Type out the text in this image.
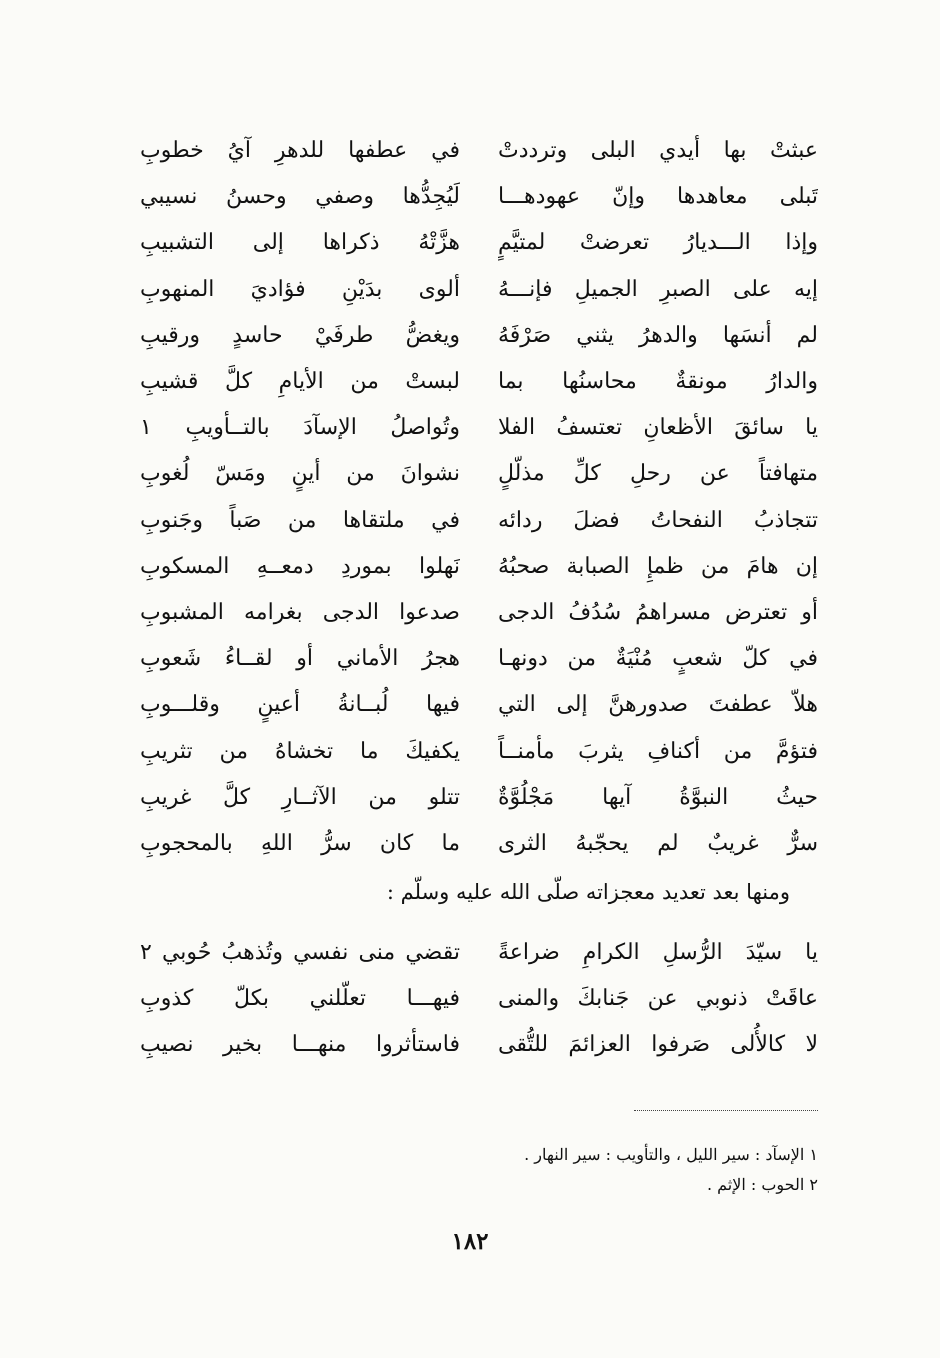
عبثتْ بها أيدي البلى وترددتْ
في عطفها للدهرِ آيُ خطوبِ
تَبلى معاهدها وإنّ عهودهـــا
لَيُجِدُّها وصفي وحسنُ نسيبي
وإذا الـــديارُ تعرضتْ لمتيَّمٍ
هزَّتْهُ ذكراها إلى التشبيبِ
إيه على الصبرِ الجميلِ فإنـــهُ
ألوى بدَيْنِ فؤاديَ المنهوبِ
لم أنسَها والدهرُ يثني صَرْفَهُ
ويغضُّ طرفَيْ حاسدٍ ورقيبِ
والدارُ مونقةٌ محاسنُها بما
لبستْ من الأيامِ كلَّ قشيبِ
يا سائقَ الأظعانِ تعتسفُ الفلا
وتُواصلُ الإسآدَ بالتــأويبِ ١
متهافتاً عن رحلِ كلِّ مذلّلٍ
نشوانَ من أينٍ ومَسّ لُغوبِ
تتجاذبُ النفحاتُ فضلَ ردائه
في ملتقاها من صَباً وجَنوبِ
إن هامَ من ظمإِ الصبابة صحبُهُ
نَهلوا بموردِ دمعــهِ المسكوبِ
أو تعترض مسراهمُ سُدُفُ الدجى
صدعوا الدجى بغرامه المشبوبِ
في كلّ شعبٍ مُنْيَةٌ من دونهـا
هجرُ الأماني أو لقــاءُ شَعوبِ
هلاّ عطفتَ صدورهنَّ إلى التي
فيها لُبــانةُ أعينٍ وقلـــوبِ
فتؤمَّ من أكنافِ يثربَ مأمنــاً
يكفيكَ ما تخشاهُ من تثريبِ
حيثُ النبوَّةُ آيها مَجْلُوَّةٌ
تتلو من الآثــارِ كلَّ غريبِ
سرٌّ غريبٌ لم يحجّبهُ الثرى
ما كان سرُّ اللهِ بالمحجوبِ
ومنها بعد تعديد معجزاته صلّى الله عليه وسلّم :
يا سيّدَ الرُّسلِ الكرامِ ضراعةً
تقضي منى نفسي وتُذهبُ حُوبي ٢
عاقَتْ ذنوبي عن جَنابكَ والمنى
فيهـــا تعلّلني بكلّ كذوبِ
لا كالأُلى صَرفوا العزائمَ للتُّقى
فاستأثروا منهـــا بخير نصيبِ
١ الإسآد : سير الليل ، والتأويب : سير النهار .
٢ الحوب : الإثم .
١٨٢
